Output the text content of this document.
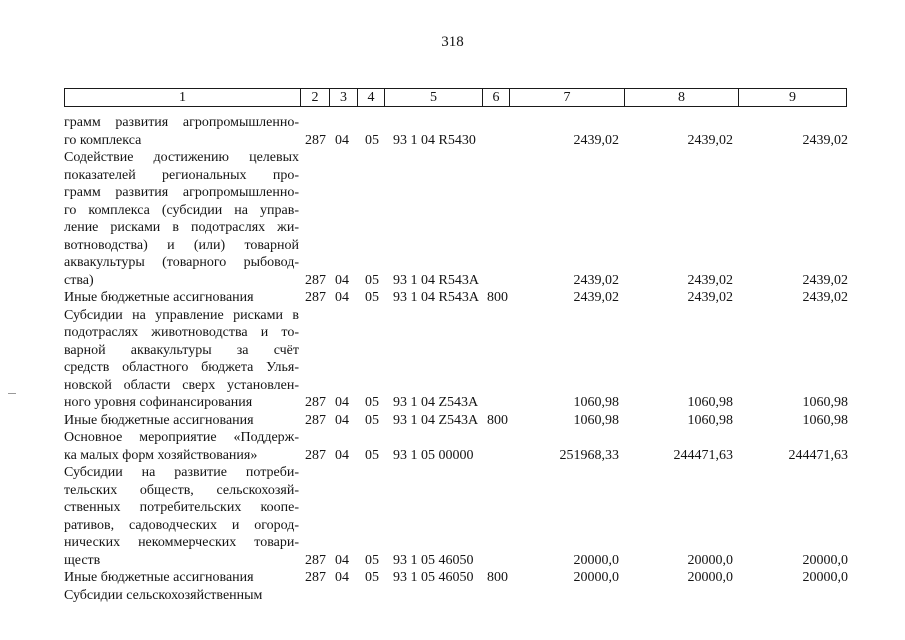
318
1	2	3	4	5	6	7	8	9
грамм развития агропромышленно-
го комплекса	287 04 05 93 1 04 R5430	2439,02	2439,02	2439,02
Содействие достижению целевых
показателей региональных про-
грамм развития агропромышленно-
го комплекса (субсидии на управ-
ление рисками в подотраслях жи-
вотноводства) и (или) товарной
аквакультуры (товарного рыбовод-
ства)	287 04 05 93 1 04 R543A	2439,02	2439,02	2439,02
Иные бюджетные ассигнования	287 04 05 93 1 04 R543A 800	2439,02	2439,02	2439,02
Субсидии на управление рисками в
подотраслях животноводства и то-
варной аквакультуры за счёт
средств областного бюджета Улья-
новской области сверх установлен-
ного уровня софинансирования	287 04 05 93 1 04 Z543A	1060,98	1060,98	1060,98
Иные бюджетные ассигнования	287 04 05 93 1 04 Z543A 800	1060,98	1060,98	1060,98
Основное мероприятие «Поддерж-
ка малых форм хозяйствования»	287 04 05 93 1 05 00000	251968,33	244471,63	244471,63
Субсидии на развитие потреби-
тельских обществ, сельскохозяй-
ственных потребительских коопе-
ративов, садоводческих и огород-
нических некоммерческих товари-
ществ	287 04 05 93 1 05 46050	20000,0	20000,0	20000,0
Иные бюджетные ассигнования	287 04 05 93 1 05 46050 800	20000,0	20000,0	20000,0
Субсидии сельскохозяйственным
